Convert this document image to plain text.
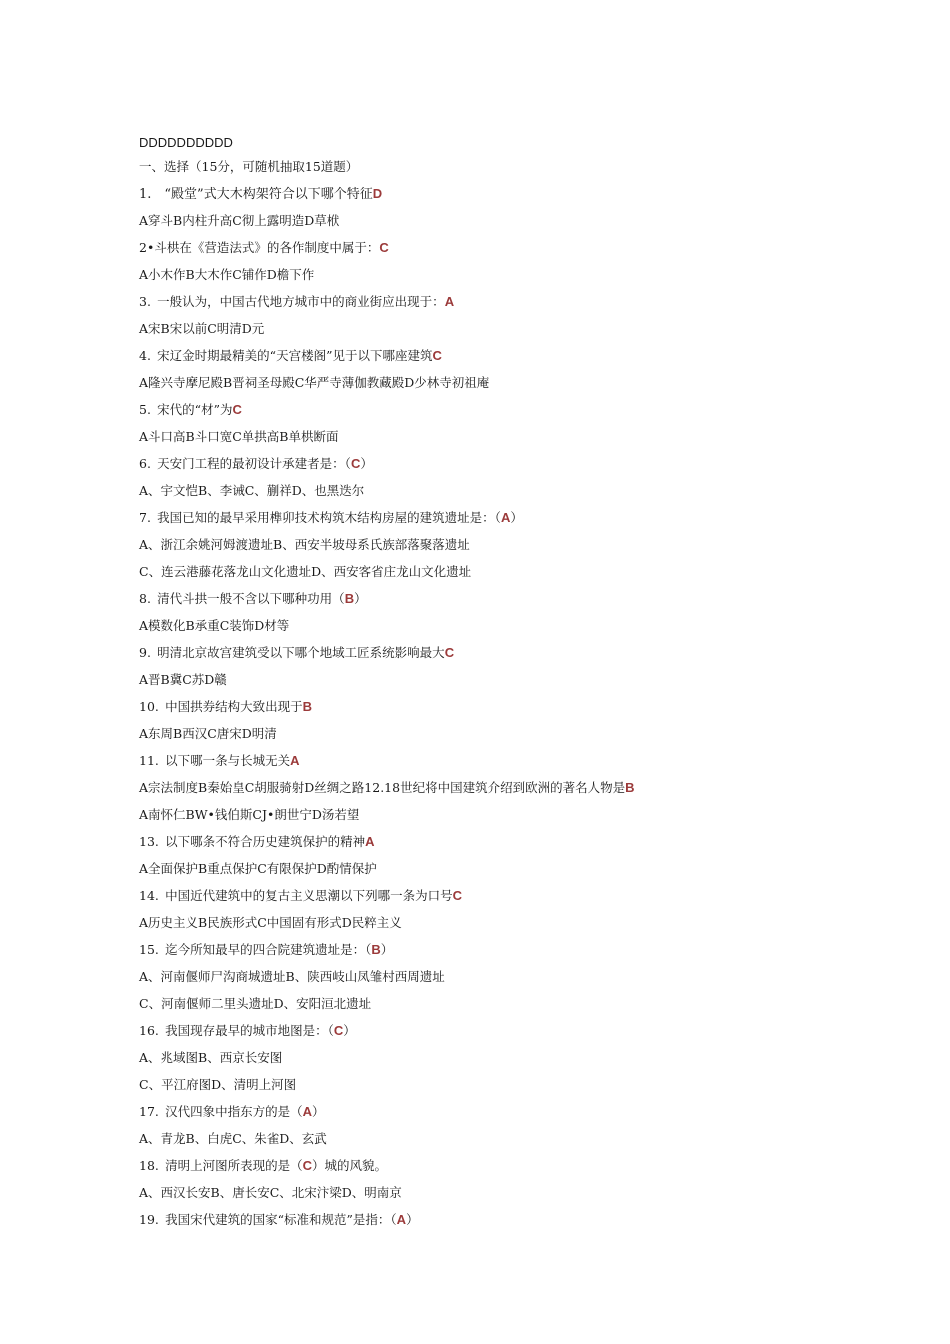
DDDDDDDDDD
一、选择（15分，可随机抽取15道题）
1.　“殿堂”式大木构架符合以下哪个特征D
A穿斗B内柱升高C彻上露明造D草栿
2•斗栱在《营造法式》的各作制度中属于：C
A小木作B大木作C铺作D檐下作
3. 一般认为，中国古代地方城市中的商业街应出现于：A
A宋B宋以前C明清D元
4. 宋辽金时期最精美的“天宫楼阁”见于以下哪座建筑C
A隆兴寺摩尼殿B晋祠圣母殿C华严寺薄伽教藏殿D少林寺初祖庵
5. 宋代的“材”为C
A斗口高B斗口宽C单拱高B单栱断面
6. 天安门工程的最初设计承建者是：（C）
A、宇文恺B、李诫C、蒯祥D、也黑迭尔
7. 我国已知的最早采用榫卯技术构筑木结构房屋的建筑遗址是：（A）
A、浙江余姚河姆渡遗址B、西安半坡母系氏族部落聚落遗址
C、连云港藤花落龙山文化遗址D、西安客省庄龙山文化遗址
8. 清代斗拱一般不含以下哪种功用（B）
A模数化B承重C装饰D材等
9. 明清北京故宫建筑受以下哪个地域工匠系统影响最大C
A晋B冀C苏D赣
10. 中国拱券结构大致出现于B
A东周B西汉C唐宋D明清
11. 以下哪一条与长城无关A
A宗法制度B秦始皇C胡服骑射D丝绸之路12.18世纪将中国建筑介绍到欧洲的著名人物是B
A南怀仁BW•钱伯斯CJ•朗世宁D汤若望
13. 以下哪条不符合历史建筑保护的精神A
A全面保护B重点保护C有限保护D酌情保护
14. 中国近代建筑中的复古主义思潮以下列哪一条为口号C
A历史主义B民族形式C中国固有形式D民粹主义
15. 迄今所知最早的四合院建筑遗址是：（B）
A、河南偃师尸沟商城遗址B、陕西岐山凤雏村西周遗址
C、河南偃师二里头遗址D、安阳洹北遗址
16. 我国现存最早的城市地图是：（C）
A、兆域图B、西京长安图
C、平江府图D、清明上河图
17. 汉代四象中指东方的是（A）
A、青龙B、白虎C、朱雀D、玄武
18. 清明上河图所表现的是（C）城的风貌。
A、西汉长安B、唐长安C、北宋汴梁D、明南京
19. 我国宋代建筑的国家“标准和规范”是指：（A）
